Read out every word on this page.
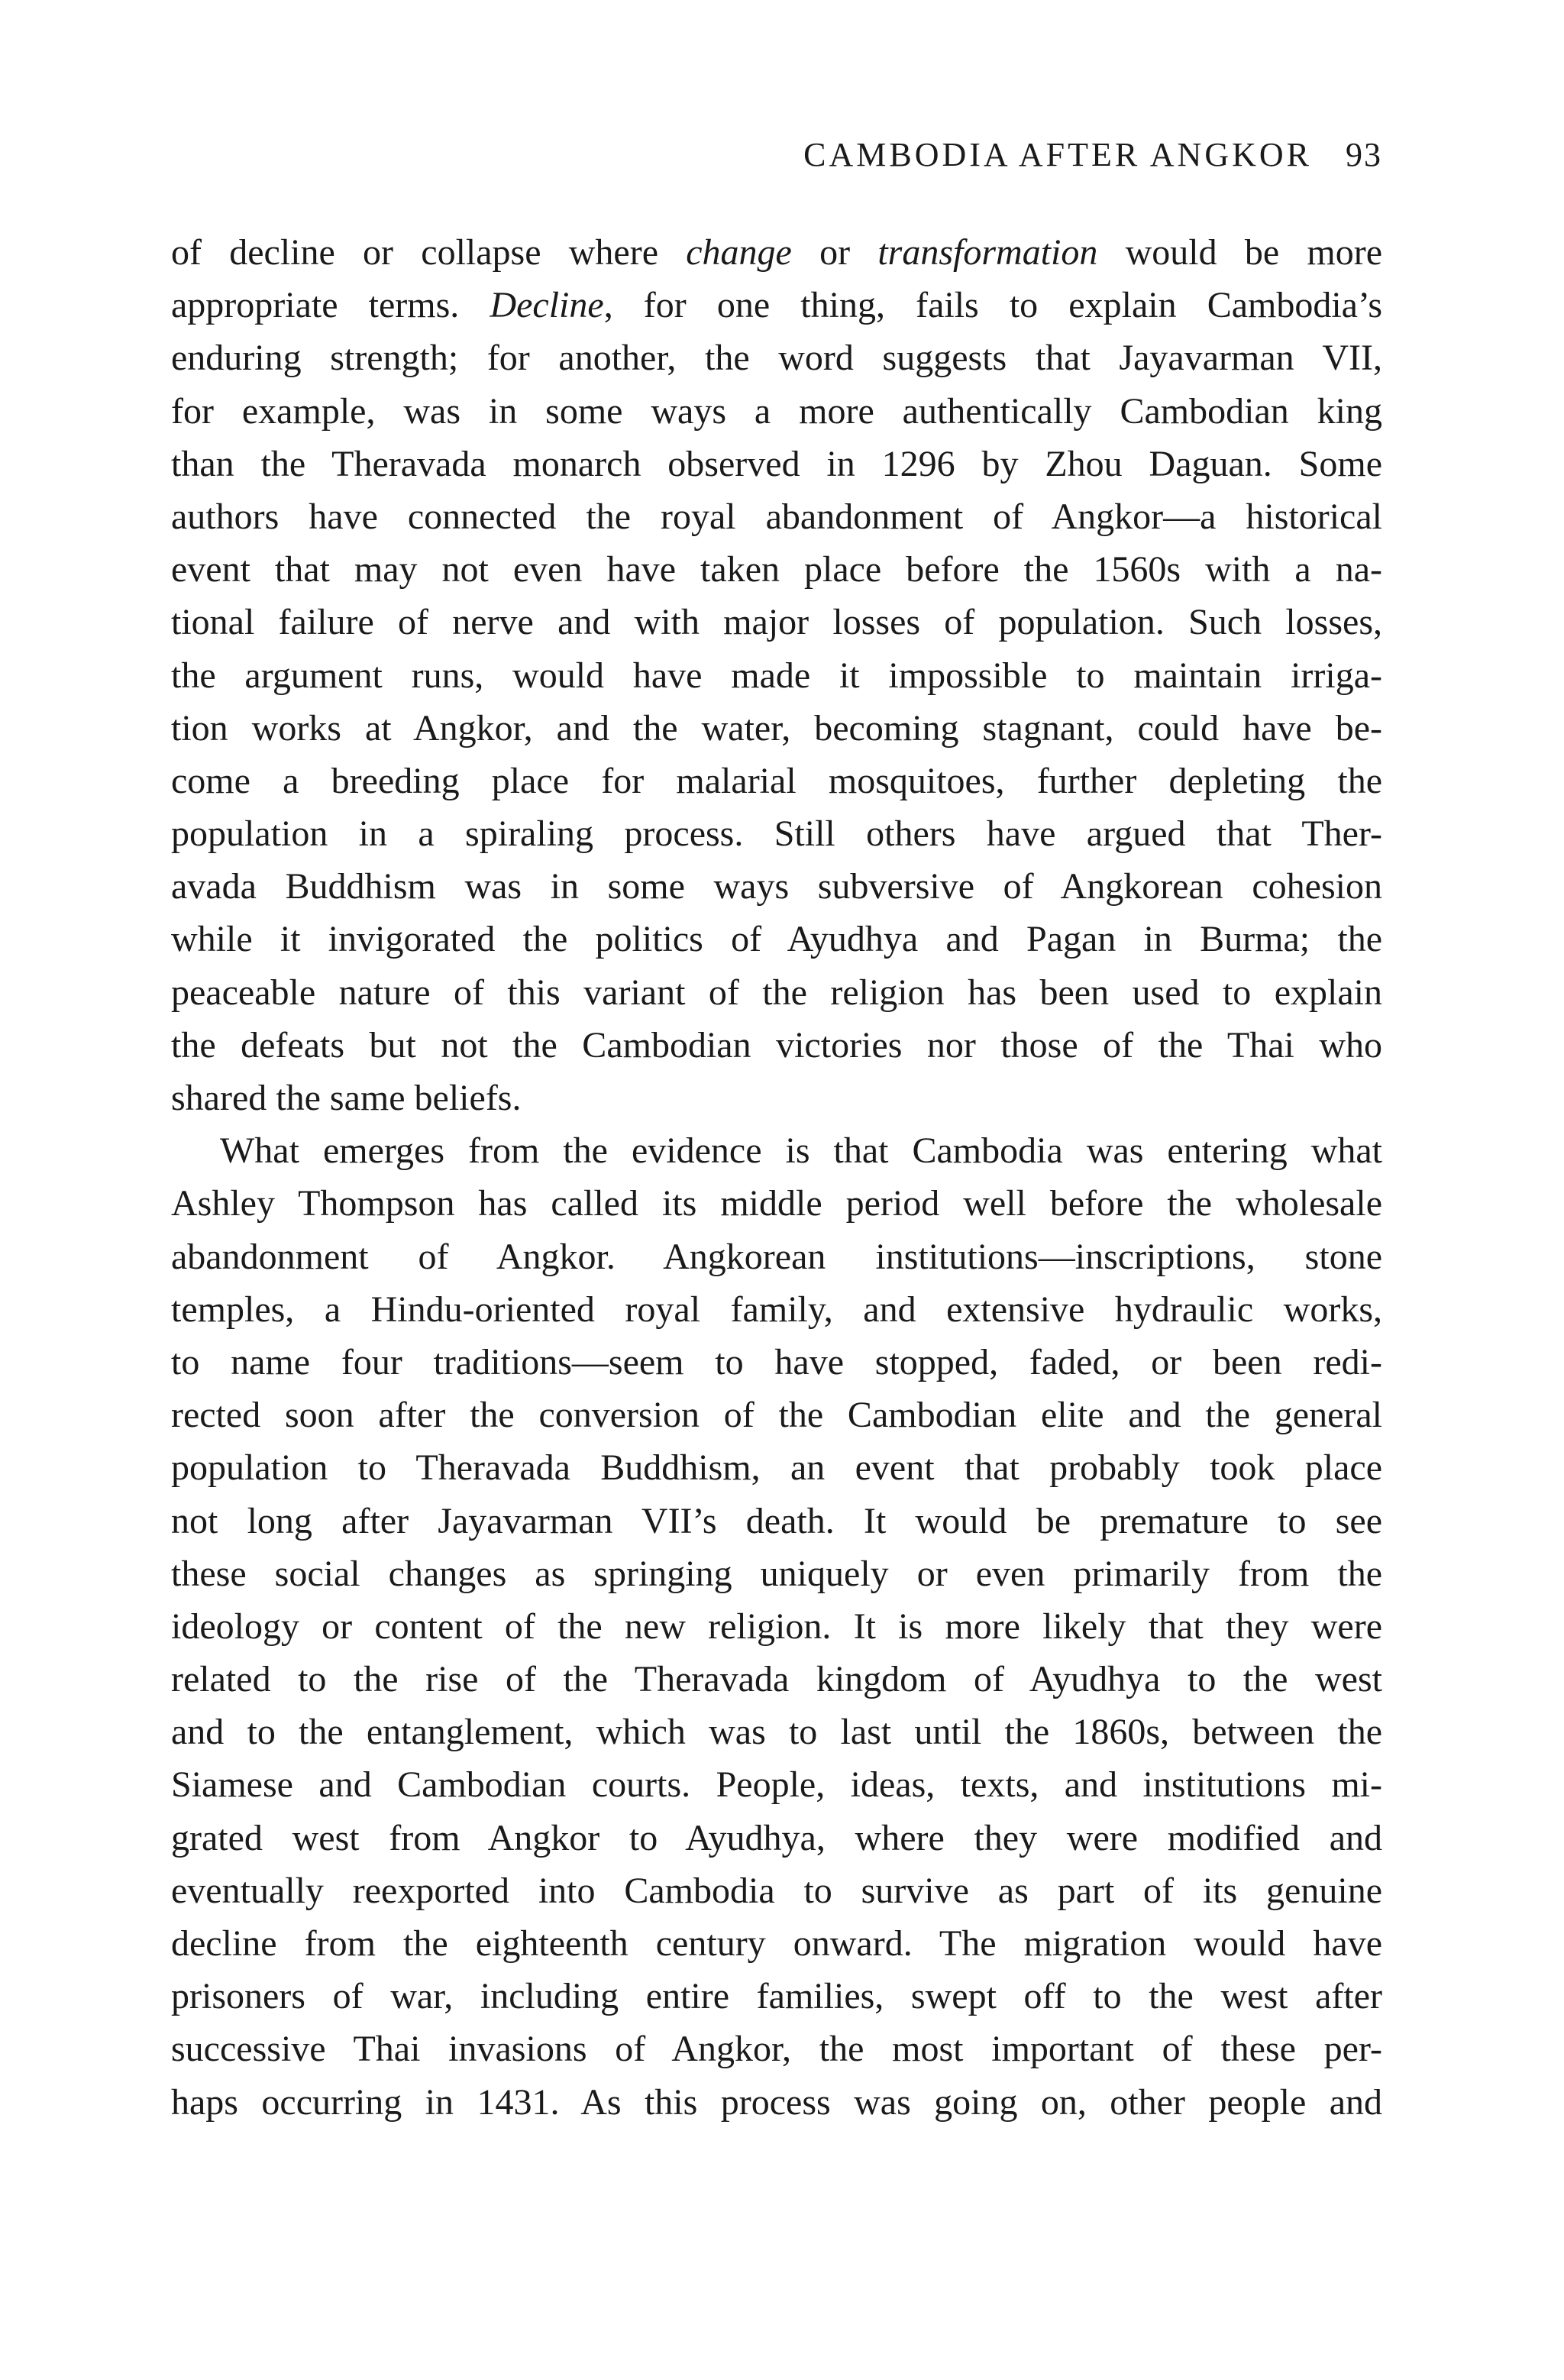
CAMBODIA AFTER ANGKOR 93
of decline or collapse where change or transformation would be more
appropriate terms. Decline, for one thing, fails to explain Cambodia’s
enduring strength; for another, the word suggests that Jayavarman VII,
for example, was in some ways a more authentically Cambodian king
than the Theravada monarch observed in 1296 by Zhou Daguan. Some
authors have connected the royal abandonment of Angkor—a historical
event that may not even have taken place before the 1560s with a na-
tional failure of nerve and with major losses of population. Such losses,
the argument runs, would have made it impossible to maintain irriga-
tion works at Angkor, and the water, becoming stagnant, could have be-
come a breeding place for malarial mosquitoes, further depleting the
population in a spiraling process. Still others have argued that Ther-
avada Buddhism was in some ways subversive of Angkorean cohesion
while it invigorated the politics of Ayudhya and Pagan in Burma; the
peaceable nature of this variant of the religion has been used to explain
the defeats but not the Cambodian victories nor those of the Thai who
shared the same beliefs.
What emerges from the evidence is that Cambodia was entering what
Ashley Thompson has called its middle period well before the wholesale
abandonment of Angkor. Angkorean institutions—inscriptions, stone
temples, a Hindu-oriented royal family, and extensive hydraulic works,
to name four traditions—seem to have stopped, faded, or been redi-
rected soon after the conversion of the Cambodian elite and the general
population to Theravada Buddhism, an event that probably took place
not long after Jayavarman VII’s death. It would be premature to see
these social changes as springing uniquely or even primarily from the
ideology or content of the new religion. It is more likely that they were
related to the rise of the Theravada kingdom of Ayudhya to the west
and to the entanglement, which was to last until the 1860s, between the
Siamese and Cambodian courts. People, ideas, texts, and institutions mi-
grated west from Angkor to Ayudhya, where they were modified and
eventually reexported into Cambodia to survive as part of its genuine
decline from the eighteenth century onward. The migration would have
prisoners of war, including entire families, swept off to the west after
successive Thai invasions of Angkor, the most important of these per-
haps occurring in 1431. As this process was going on, other people and
